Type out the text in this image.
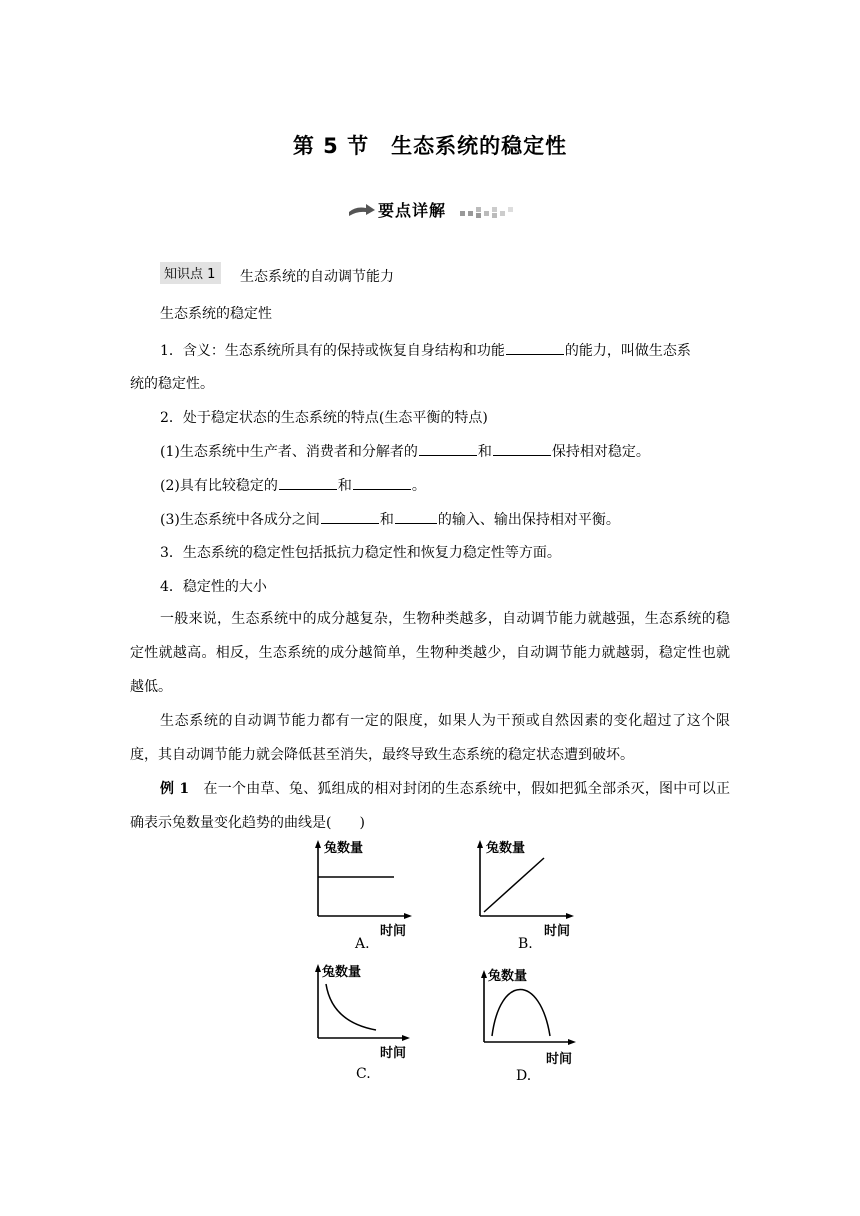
第 5 节　生态系统的稳定性
要点详解
知识点 1	生态系统的自动调节能力
生态系统的稳定性
1．含义：生态系统所具有的保持或恢复自身结构和功能	的能力，叫做生态系
统的稳定性。
2．处于稳定状态的生态系统的特点(生态平衡的特点)
(1)生态系统中生产者、消费者和分解者的	和	保持相对稳定。
(2)具有比较稳定的	和	。
(3)生态系统中各成分之间	和	的输入、输出保持相对平衡。
3．生态系统的稳定性包括抵抗力稳定性和恢复力稳定性等方面。
4．稳定性的大小
一般来说，生态系统中的成分越复杂，生物种类越多，自动调节能力就越强，生态系统的稳定性就越高。相反，生态系统的成分越简单，生物种类越少，自动调节能力就越弱，稳定性也就越低。
生态系统的自动调节能力都有一定的限度，如果人为干预或自然因素的变化超过了这个限度，其自动调节能力就会降低甚至消失，最终导致生态系统的稳定状态遭到破坏。
例 1　在一个由草、兔、狐组成的相对封闭的生态系统中，假如把狐全部杀灭，图中可以正确表示兔数量变化趋势的曲线是(　　)
兔数量
时间
A.
兔数量
时间
B.
兔数量
时间
C.
兔数量
时间
D.
